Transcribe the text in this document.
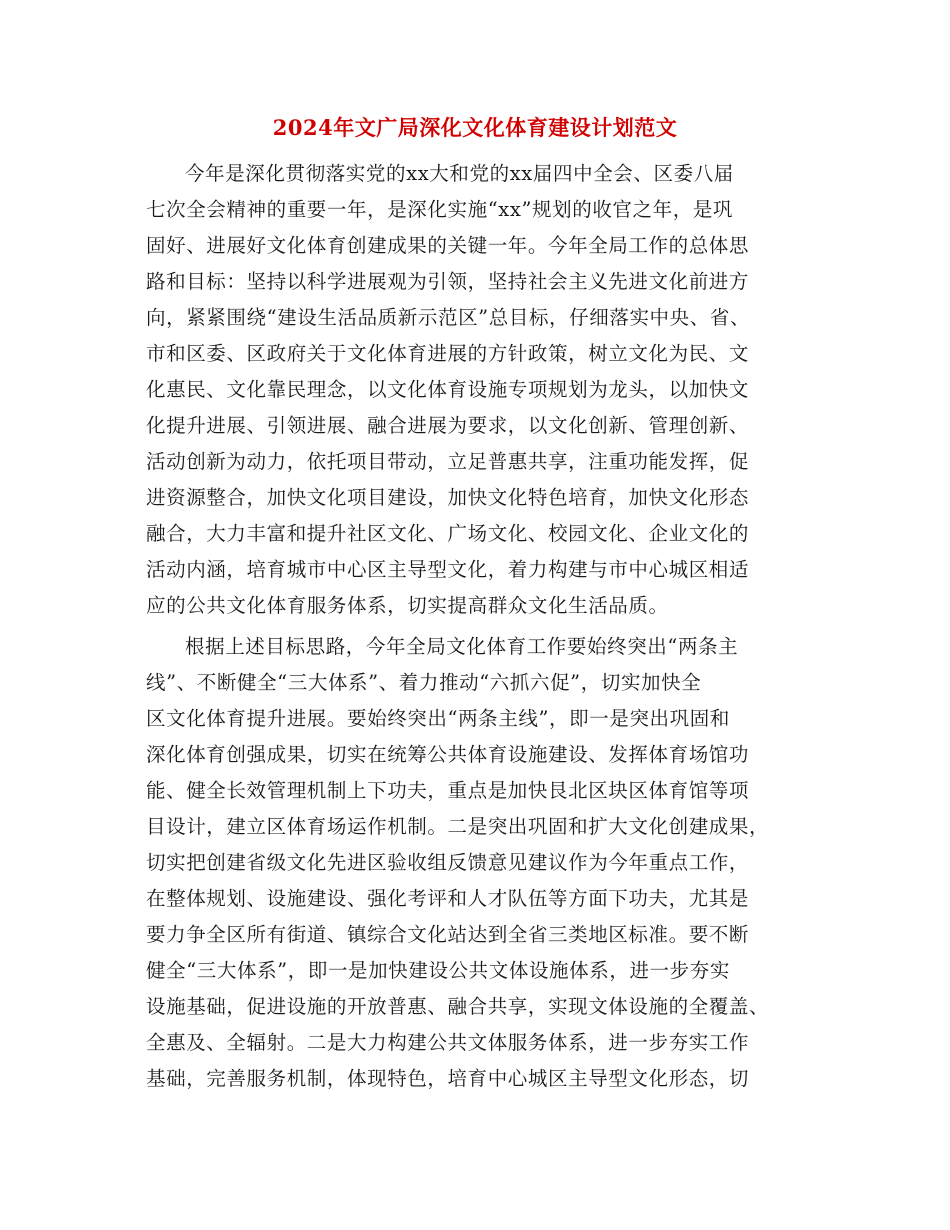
2024年文广局深化文化体育建设计划范文
今年是深化贯彻落实党的xx大和党的xx届四中全会、区委八届
七次全会精神的重要一年，是深化实施“xx”规划的收官之年，是巩
固好、进展好文化体育创建成果的关键一年。今年全局工作的总体思
路和目标：坚持以科学进展观为引领，坚持社会主义先进文化前进方
向，紧紧围绕“建设生活品质新示范区”总目标，仔细落实中央、省、
市和区委、区政府关于文化体育进展的方针政策，树立文化为民、文
化惠民、文化靠民理念，以文化体育设施专项规划为龙头，以加快文
化提升进展、引领进展、融合进展为要求，以文化创新、管理创新、
活动创新为动力，依托项目带动，立足普惠共享，注重功能发挥，促
进资源整合，加快文化项目建设，加快文化特色培育，加快文化形态
融合，大力丰富和提升社区文化、广场文化、校园文化、企业文化的
活动内涵，培育城市中心区主导型文化，着力构建与市中心城区相适
应的公共文化体育服务体系，切实提高群众文化生活品质。
根据上述目标思路，今年全局文化体育工作要始终突出“两条主
线”、不断健全“三大体系”、着力推动“六抓六促”，切实加快全
区文化体育提升进展。要始终突出“两条主线”，即一是突出巩固和
深化体育创强成果，切实在统筹公共体育设施建设、发挥体育场馆功
能、健全长效管理机制上下功夫，重点是加快艮北区块区体育馆等项
目设计，建立区体育场运作机制。二是突出巩固和扩大文化创建成果，
切实把创建省级文化先进区验收组反馈意见建议作为今年重点工作，
在整体规划、设施建设、强化考评和人才队伍等方面下功夫，尤其是
要力争全区所有街道、镇综合文化站达到全省三类地区标准。要不断
健全“三大体系”，即一是加快建设公共文体设施体系，进一步夯实
设施基础，促进设施的开放普惠、融合共享，实现文体设施的全覆盖、
全惠及、全辐射。二是大力构建公共文体服务体系，进一步夯实工作
基础，完善服务机制，体现特色，培育中心城区主导型文化形态，切
